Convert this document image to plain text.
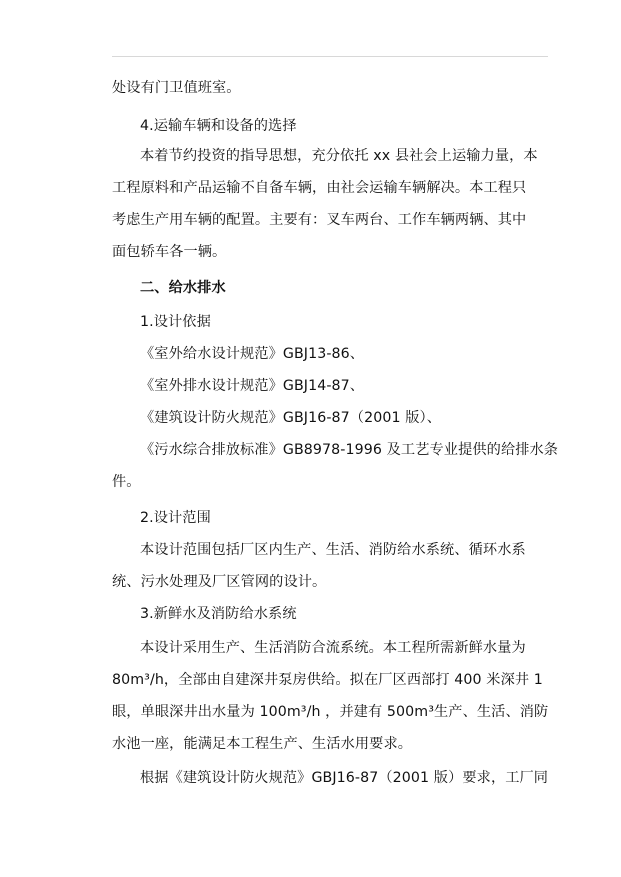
处设有门卫值班室。
4.运输车辆和设备的选择
本着节约投资的指导思想，充分依托 xx 县社会上运输力量，本
工程原料和产品运输不自备车辆，由社会运输车辆解决。本工程只
考虑生产用车辆的配置。主要有：叉车两台、工作车辆两辆、其中
面包轿车各一辆。
二、给水排水
1.设计依据
《室外给水设计规范》GBJ13-86、
《室外排水设计规范》GBJ14-87、
《建筑设计防火规范》GBJ16-87（2001 版）、
《污水综合排放标准》GB8978-1996 及工艺专业提供的给排水条
件。
2.设计范围
本设计范围包括厂区内生产、生活、消防给水系统、循环水系
统、污水处理及厂区管网的设计。
3.新鲜水及消防给水系统
本设计采用生产、生活消防合流系统。本工程所需新鲜水量为
80m³/h，全部由自建深井泵房供给。拟在厂区西部打 400 米深井 1
眼，单眼深井出水量为 100m³/h ，并建有 500m³生产、生活、消防
水池一座，能满足本工程生产、生活水用要求。
根据《建筑设计防火规范》GBJ16-87（2001 版）要求，工厂同
